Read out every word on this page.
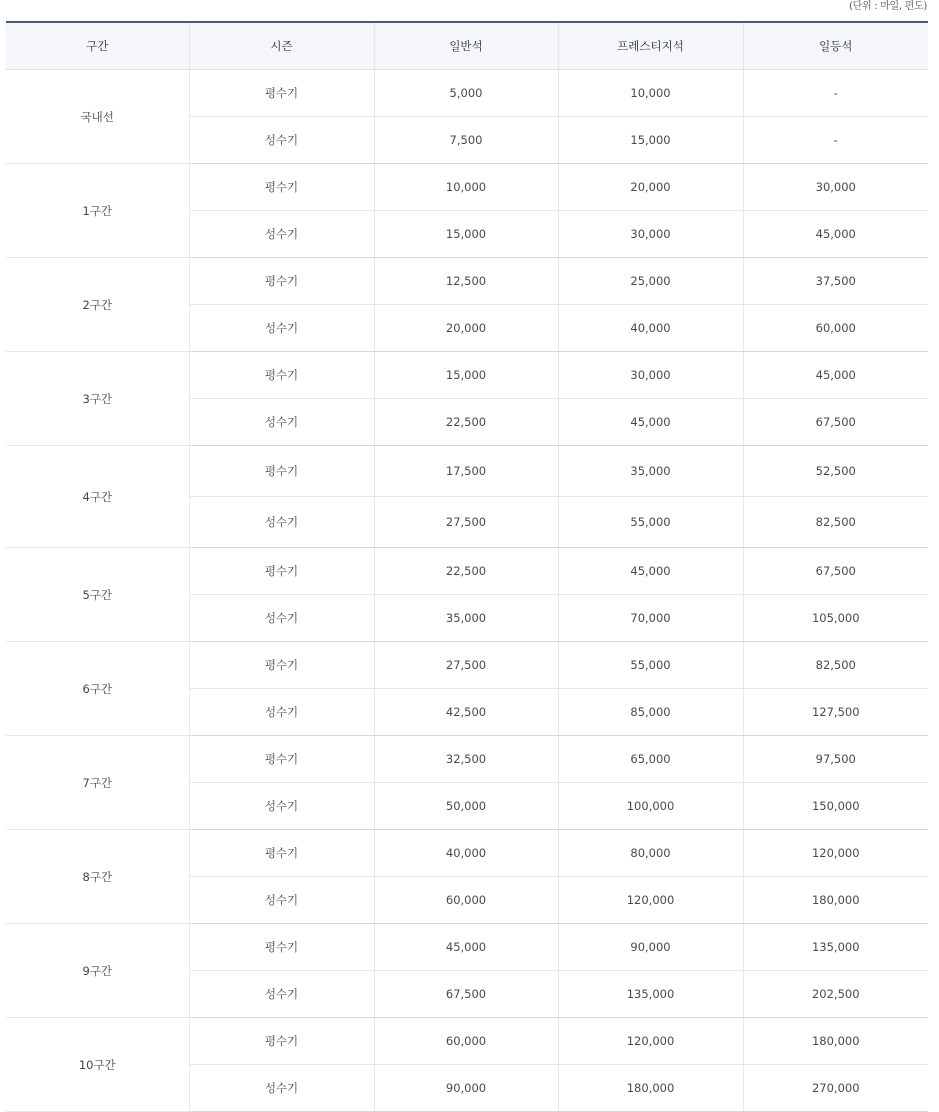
(단위 : 마일, 편도)
구간	시즌	일반석	프레스티지석	일등석
국내선	평수기	5,000	10,000	-
	성수기	7,500	15,000	-
1구간	평수기	10,000	20,000	30,000
	성수기	15,000	30,000	45,000
2구간	평수기	12,500	25,000	37,500
	성수기	20,000	40,000	60,000
3구간	평수기	15,000	30,000	45,000
	성수기	22,500	45,000	67,500
4구간	평수기	17,500	35,000	52,500
	성수기	27,500	55,000	82,500
5구간	평수기	22,500	45,000	67,500
	성수기	35,000	70,000	105,000
6구간	평수기	27,500	55,000	82,500
	성수기	42,500	85,000	127,500
7구간	평수기	32,500	65,000	97,500
	성수기	50,000	100,000	150,000
8구간	평수기	40,000	80,000	120,000
	성수기	60,000	120,000	180,000
9구간	평수기	45,000	90,000	135,000
	성수기	67,500	135,000	202,500
10구간	평수기	60,000	120,000	180,000
	성수기	90,000	180,000	270,000
